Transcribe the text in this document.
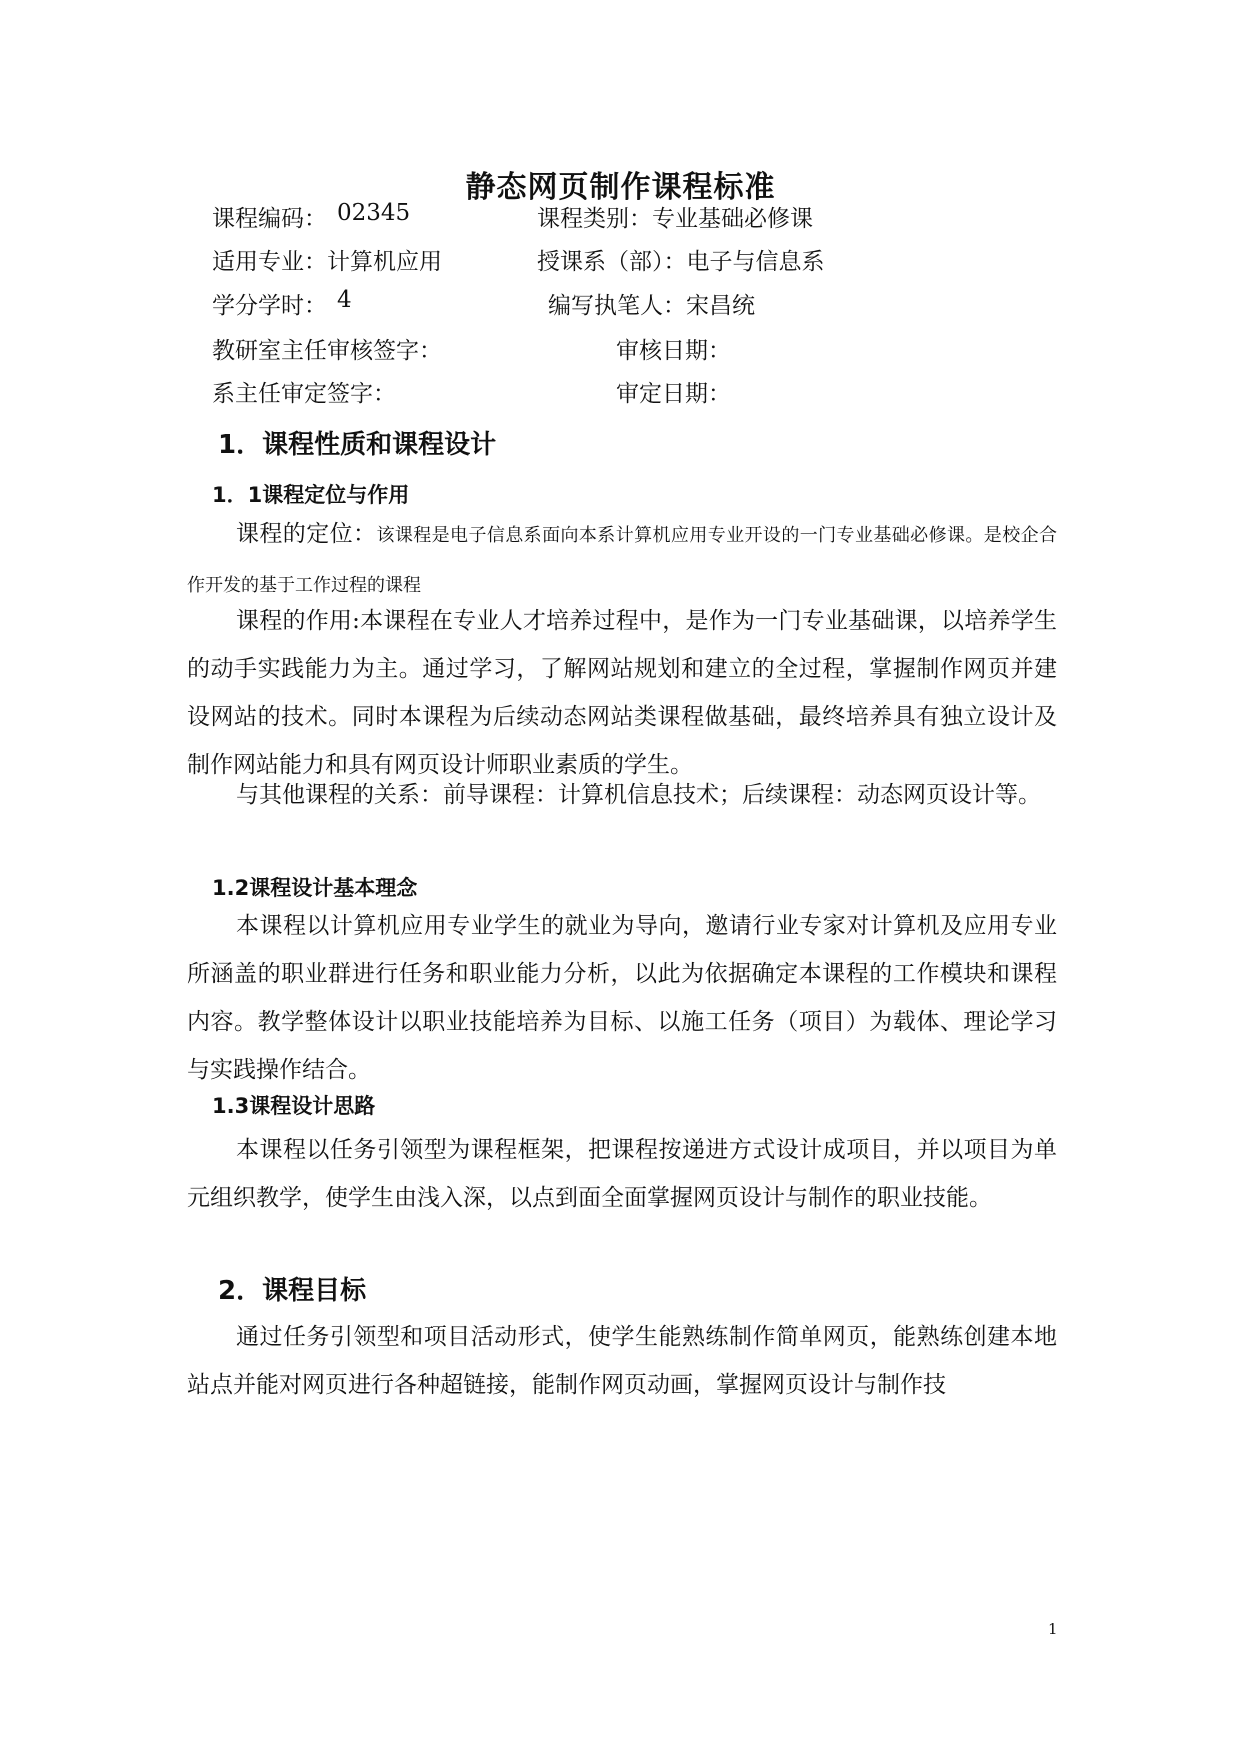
静态网页制作课程标准
课程编码： 02345	课程类别：专业基础必修课
适用专业：计算机应用	授课系（部）：电子与信息系
学分学时： 4	编写执笔人：宋昌统
教研室主任审核签字：	审核日期：
系主任审定签字：	审定日期：
1．课程性质和课程设计
1．1课程定位与作用
课程的定位：该课程是电子信息系面向本系计算机应用专业开设的一门专业基础必修课。是校企合作开发的基于工作过程的课程
课程的作用:本课程在专业人才培养过程中，是作为一门专业基础课，以培养学生的动手实践能力为主。通过学习，了解网站规划和建立的全过程，掌握制作网页并建设网站的技术。同时本课程为后续动态网站类课程做基础，最终培养具有独立设计及制作网站能力和具有网页设计师职业素质的学生。
与其他课程的关系：前导课程：计算机信息技术；后续课程：动态网页设计等。
1.2课程设计基本理念
本课程以计算机应用专业学生的就业为导向，邀请行业专家对计算机及应用专业所涵盖的职业群进行任务和职业能力分析，以此为依据确定本课程的工作模块和课程内容。教学整体设计以职业技能培养为目标、以施工任务（项目）为载体、理论学习与实践操作结合。
1.3课程设计思路
本课程以任务引领型为课程框架，把课程按递进方式设计成项目，并以项目为单元组织教学，使学生由浅入深，以点到面全面掌握网页设计与制作的职业技能。
2．课程目标
通过任务引领型和项目活动形式，使学生能熟练制作简单网页，能熟练创建本地站点并能对网页进行各种超链接，能制作网页动画，掌握网页设计与制作技
1
